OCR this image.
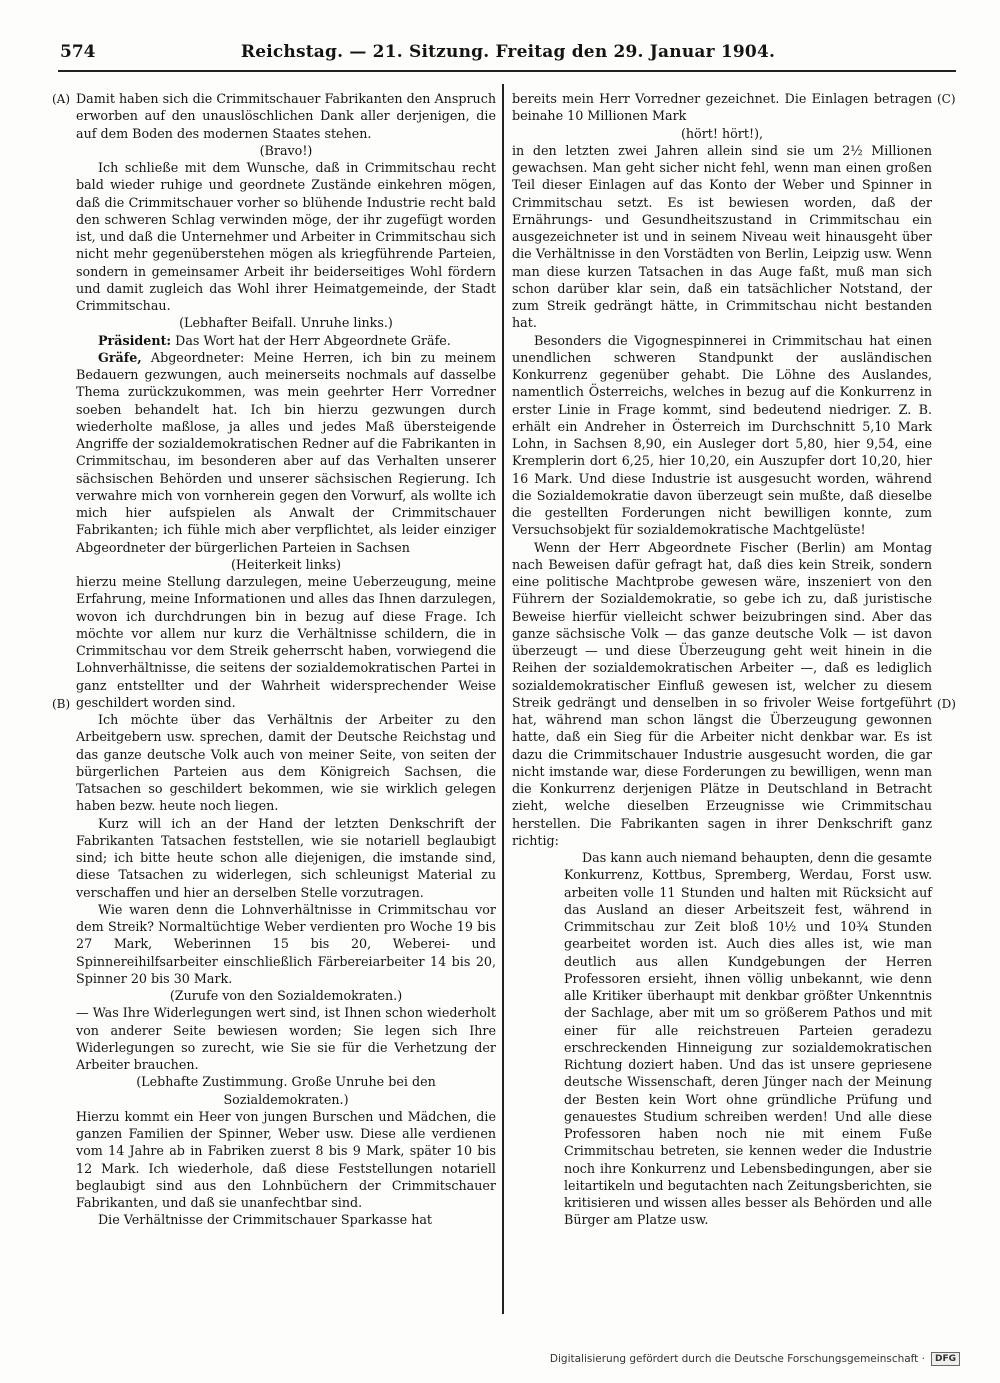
574	Reichstag. — 21. Sitzung. Freitag den 29. Januar 1904.
(A)
(B)
(C)
(D)

Damit haben sich die Crimmitschauer Fabrikanten den Anspruch erworben auf den unauslöschlichen Dank aller derjenigen, die auf dem Boden des modernen Staates stehen.

(Bravo!)

Ich schließe mit dem Wunsche, daß in Crimmitschau recht bald wieder ruhige und geordnete Zustände einkehren mögen, daß die Crimmitschauer vorher so blühende Industrie recht bald den schweren Schlag verwinden möge, der ihr zugefügt worden ist, und daß die Unternehmer und Arbeiter in Crimmitschau sich nicht mehr gegenüberstehen mögen als kriegführende Parteien, sondern in gemeinsamer Arbeit ihr beiderseitiges Wohl fördern und damit zugleich das Wohl ihrer Heimatgemeinde, der Stadt Crimmitschau.

(Lebhafter Beifall. Unruhe links.)

Präsident: Das Wort hat der Herr Abgeordnete Gräfe.

Gräfe, Abgeordneter: Meine Herren, ich bin zu meinem Bedauern gezwungen, auch meinerseits nochmals auf dasselbe Thema zurückzukommen, was mein geehrter Herr Vorredner soeben behandelt hat. Ich bin hierzu gezwungen durch wiederholte maßlose, ja alles und jedes Maß übersteigende Angriffe der sozialdemokratischen Redner auf die Fabrikanten in Crimmitschau, im besonderen aber auf das Verhalten unserer sächsischen Behörden und unserer sächsischen Regierung. Ich verwahre mich von vornherein gegen den Vorwurf, als wollte ich mich hier aufspielen als Anwalt der Crimmitschauer Fabrikanten; ich fühle mich aber verpflichtet, als leider einziger Abgeordneter der bürgerlichen Parteien in Sachsen

(Heiterkeit links)

hierzu meine Stellung darzulegen, meine Ueberzeugung, meine Erfahrung, meine Informationen und alles das Ihnen darzulegen, wovon ich durchdrungen bin in bezug auf diese Frage. Ich möchte vor allem nur kurz die Verhältnisse schildern, die in Crimmitschau vor dem Streik geherrscht haben, vorwiegend die Lohnverhältnisse, die seitens der sozialdemokratischen Partei in ganz entstellter und der Wahrheit widersprechender Weise geschildert worden sind.

Ich möchte über das Verhältnis der Arbeiter zu den Arbeitgebern usw. sprechen, damit der Deutsche Reichstag und das ganze deutsche Volk auch von meiner Seite, von seiten der bürgerlichen Parteien aus dem Königreich Sachsen, die Tatsachen so geschildert bekommen, wie sie wirklich gelegen haben bezw. heute noch liegen.

Kurz will ich an der Hand der letzten Denkschrift der Fabrikanten Tatsachen feststellen, wie sie notariell beglaubigt sind; ich bitte heute schon alle diejenigen, die imstande sind, diese Tatsachen zu widerlegen, sich schleunigst Material zu verschaffen und hier an derselben Stelle vorzutragen.

Wie waren denn die Lohnverhältnisse in Crimmitschau vor dem Streik? Normaltüchtige Weber verdienten pro Woche 19 bis 27 Mark, Weberinnen 15 bis 20, Weberei- und Spinnereihilfsarbeiter einschließlich Färbereiarbeiter 14 bis 20, Spinner 20 bis 30 Mark.

(Zurufe von den Sozialdemokraten.)

— Was Ihre Widerlegungen wert sind, ist Ihnen schon wiederholt von anderer Seite bewiesen worden; Sie legen sich Ihre Widerlegungen so zurecht, wie Sie sie für die Verhetzung der Arbeiter brauchen.

(Lebhafte Zustimmung. Große Unruhe bei den Sozialdemokraten.)

Hierzu kommt ein Heer von jungen Burschen und Mädchen, die ganzen Familien der Spinner, Weber usw. Diese alle verdienen vom 14 Jahre ab in Fabriken zuerst 8 bis 9 Mark, später 10 bis 12 Mark. Ich wiederhole, daß diese Feststellungen notariell beglaubigt sind aus den Lohnbüchern der Crimmitschauer Fabrikanten, und daß sie unanfechtbar sind.

Die Verhältnisse der Crimmitschauer Sparkasse hat

bereits mein Herr Vorredner gezeichnet. Die Einlagen betragen beinahe 10 Millionen Mark

(hört! hört!),

in den letzten zwei Jahren allein sind sie um 2½ Millionen gewachsen. Man geht sicher nicht fehl, wenn man einen großen Teil dieser Einlagen auf das Konto der Weber und Spinner in Crimmitschau setzt. Es ist bewiesen worden, daß der Ernährungs- und Gesundheitszustand in Crimmitschau ein ausgezeichneter ist und in seinem Niveau weit hinausgeht über die Verhältnisse in den Vorstädten von Berlin, Leipzig usw. Wenn man diese kurzen Tatsachen in das Auge faßt, muß man sich schon darüber klar sein, daß ein tatsächlicher Notstand, der zum Streik gedrängt hätte, in Crimmitschau nicht bestanden hat.

Besonders die Vigognespinnerei in Crimmitschau hat einen unendlichen schweren Standpunkt der ausländischen Konkurrenz gegenüber gehabt. Die Löhne des Auslandes, namentlich Österreichs, welches in bezug auf die Konkurrenz in erster Linie in Frage kommt, sind bedeutend niedriger. Z. B. erhält ein Andreher in Österreich im Durchschnitt 5,10 Mark Lohn, in Sachsen 8,90, ein Ausleger dort 5,80, hier 9,54, eine Kremplerin dort 6,25, hier 10,20, ein Auszupfer dort 10,20, hier 16 Mark. Und diese Industrie ist ausgesucht worden, während die Sozialdemokratie davon überzeugt sein mußte, daß dieselbe die gestellten Forderungen nicht bewilligen konnte, zum Versuchsobjekt für sozialdemokratische Machtgelüste!

Wenn der Herr Abgeordnete Fischer (Berlin) am Montag nach Beweisen dafür gefragt hat, daß dies kein Streik, sondern eine politische Machtprobe gewesen wäre, inszeniert von den Führern der Sozialdemokratie, so gebe ich zu, daß juristische Beweise hierfür vielleicht schwer beizubringen sind. Aber das ganze sächsische Volk — das ganze deutsche Volk — ist davon überzeugt — und diese Überzeugung geht weit hinein in die Reihen der sozialdemokratischen Arbeiter —, daß es lediglich sozialdemokratischer Einfluß gewesen ist, welcher zu diesem Streik gedrängt und denselben in so frivoler Weise fortgeführt hat, während man schon längst die Überzeugung gewonnen hatte, daß ein Sieg für die Arbeiter nicht denkbar war. Es ist dazu die Crimmitschauer Industrie ausgesucht worden, die gar nicht imstande war, diese Forderungen zu bewilligen, wenn man die Konkurrenz derjenigen Plätze in Deutschland in Betracht zieht, welche dieselben Erzeugnisse wie Crimmitschau herstellen. Die Fabrikanten sagen in ihrer Denkschrift ganz richtig:

Das kann auch niemand behaupten, denn die gesamte Konkurrenz, Kottbus, Spremberg, Werdau, Forst usw. arbeiten volle 11 Stunden und halten mit Rücksicht auf das Ausland an dieser Arbeitszeit fest, während in Crimmitschau zur Zeit bloß 10½ und 10¾ Stunden gearbeitet worden ist. Auch dies alles ist, wie man deutlich aus allen Kundgebungen der Herren Professoren ersieht, ihnen völlig unbekannt, wie denn alle Kritiker überhaupt mit denkbar größter Unkenntnis der Sachlage, aber mit um so größerem Pathos und mit einer für alle reichstreuen Parteien geradezu erschreckenden Hinneigung zur sozialdemokratischen Richtung doziert haben. Und das ist unsere gepriesene deutsche Wissenschaft, deren Jünger nach der Meinung der Besten kein Wort ohne gründliche Prüfung und genauestes Studium schreiben werden! Und alle diese Professoren haben noch nie mit einem Fuße Crimmitschau betreten, sie kennen weder die Industrie noch ihre Konkurrenz und Lebensbedingungen, aber sie leitartikeln und begutachten nach Zeitungsberichten, sie kritisieren und wissen alles besser als Behörden und alle Bürger am Platze usw.

Digitalisierung gefördert durch die Deutsche Forschungsgemeinschaft ·	DFG
